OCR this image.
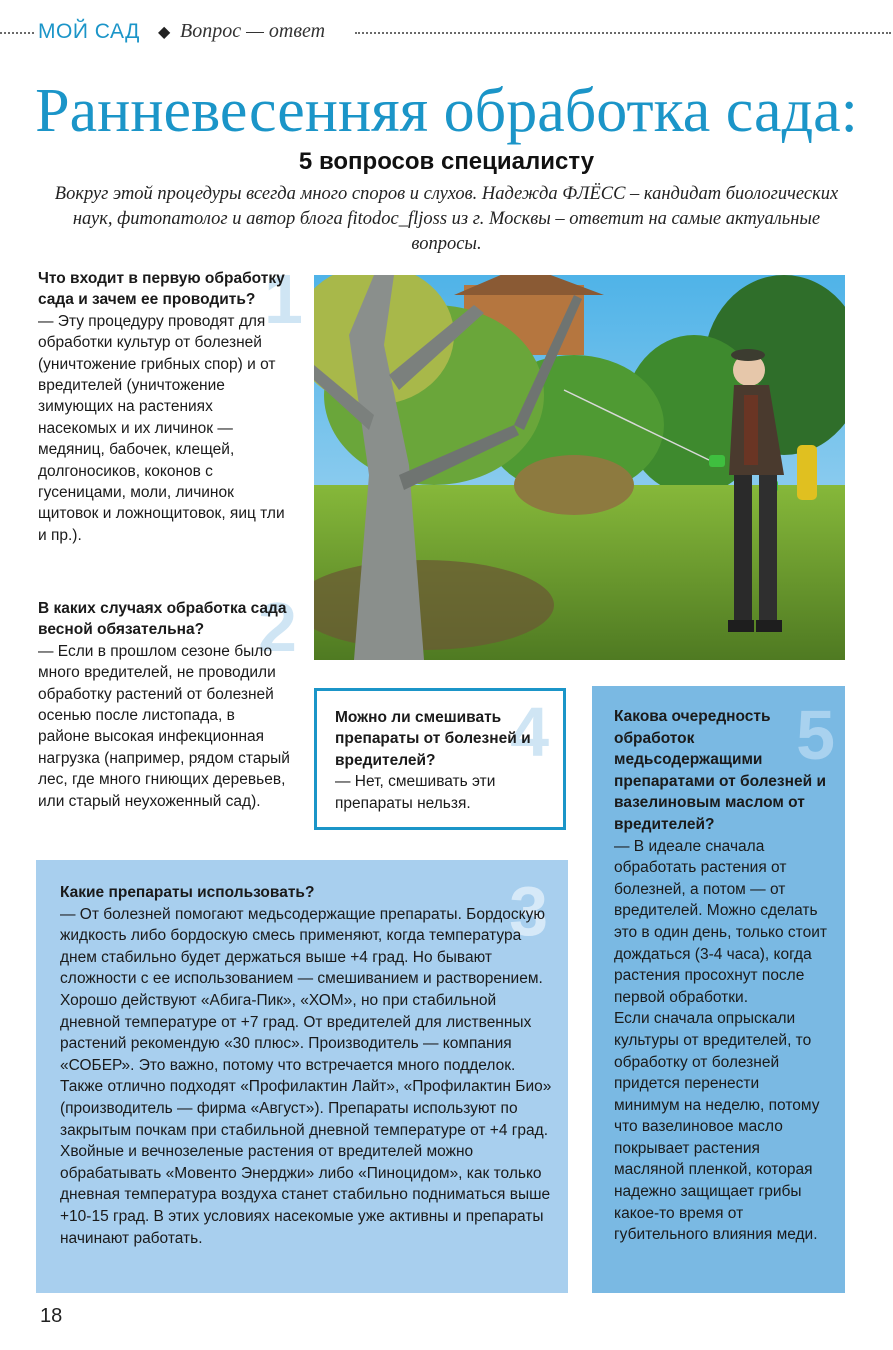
МОЙ САД ◆ Вопрос — ответ
Ранневесенняя обработка сада:
5 вопросов специалисту
Вокруг этой процедуры всегда много споров и слухов. Надежда ФЛЁСС – кандидат биологических наук, фитопатолог и автор блога fitodoc_fljoss из г. Москвы – ответит на самые актуальные вопросы.
1
Что входит в первую обработку сада и зачем ее проводить?
— Эту процедуру проводят для обработки культур от болезней (уничтожение грибных спор) и от вредителей (уничтожение зимующих на растениях насекомых и их личинок — медяниц, бабочек, клещей, долгоносиков, коконов с гусеницами, моли, личинок щитовок и ложнощитовок, яиц тли и пр.).
2
В каких случаях обработка сада весной обязательна?
— Если в прошлом сезоне было много вредителей, не проводили обработку растений от болезней осенью после листопада, в районе высокая инфекционная нагрузка (например, рядом старый лес, где много гниющих деревьев, или старый неухоженный сад).
4
Можно ли смешивать препараты от болезней и вредителей?
— Нет, смешивать эти препараты нельзя.
5
Какова очередность обработок медьсодержащими препаратами от болезней и вазелиновым маслом от вредителей?
— В идеале сначала обработать растения от болезней, а потом — от вредителей. Можно сделать это в один день, только стоит дождаться (3-4 часа), когда растения просохнут после первой обработки.
Если сначала опрыскали культуры от вредителей, то обработку от болезней придется перенести минимум на неделю, потому что вазелиновое масло покрывает растения масляной пленкой, которая надежно защищает грибы какое-то время от губительного влияния меди.
3
Какие препараты использовать?
— От болезней помогают медьсодержащие препараты. Бордоскую жидкость либо бордоскую смесь применяют, когда температура днем стабильно будет держаться выше +4 град. Но бывают сложности с ее использованием — смешиванием и растворением. Хорошо действуют «Абига-Пик», «ХОМ», но при стабильной дневной температуре от +7 град. От вредителей для лиственных растений рекомендую «30 плюс». Производитель — компания «СОБЕР». Это важно, потому что встречается много подделок. Также отлично подходят «Профилактин Лайт», «Профилактин Био» (производитель — фирма «Август»). Препараты используют по закрытым почкам при стабильной дневной температуре от +4 град. Хвойные и вечнозеленые растения от вредителей можно обрабатывать «Мовенто Энерджи» либо «Пиноцидом», как только дневная температура воздуха станет стабильно подниматься выше +10-15 град. В этих условиях насекомые уже активны и препараты начинают работать.
18
